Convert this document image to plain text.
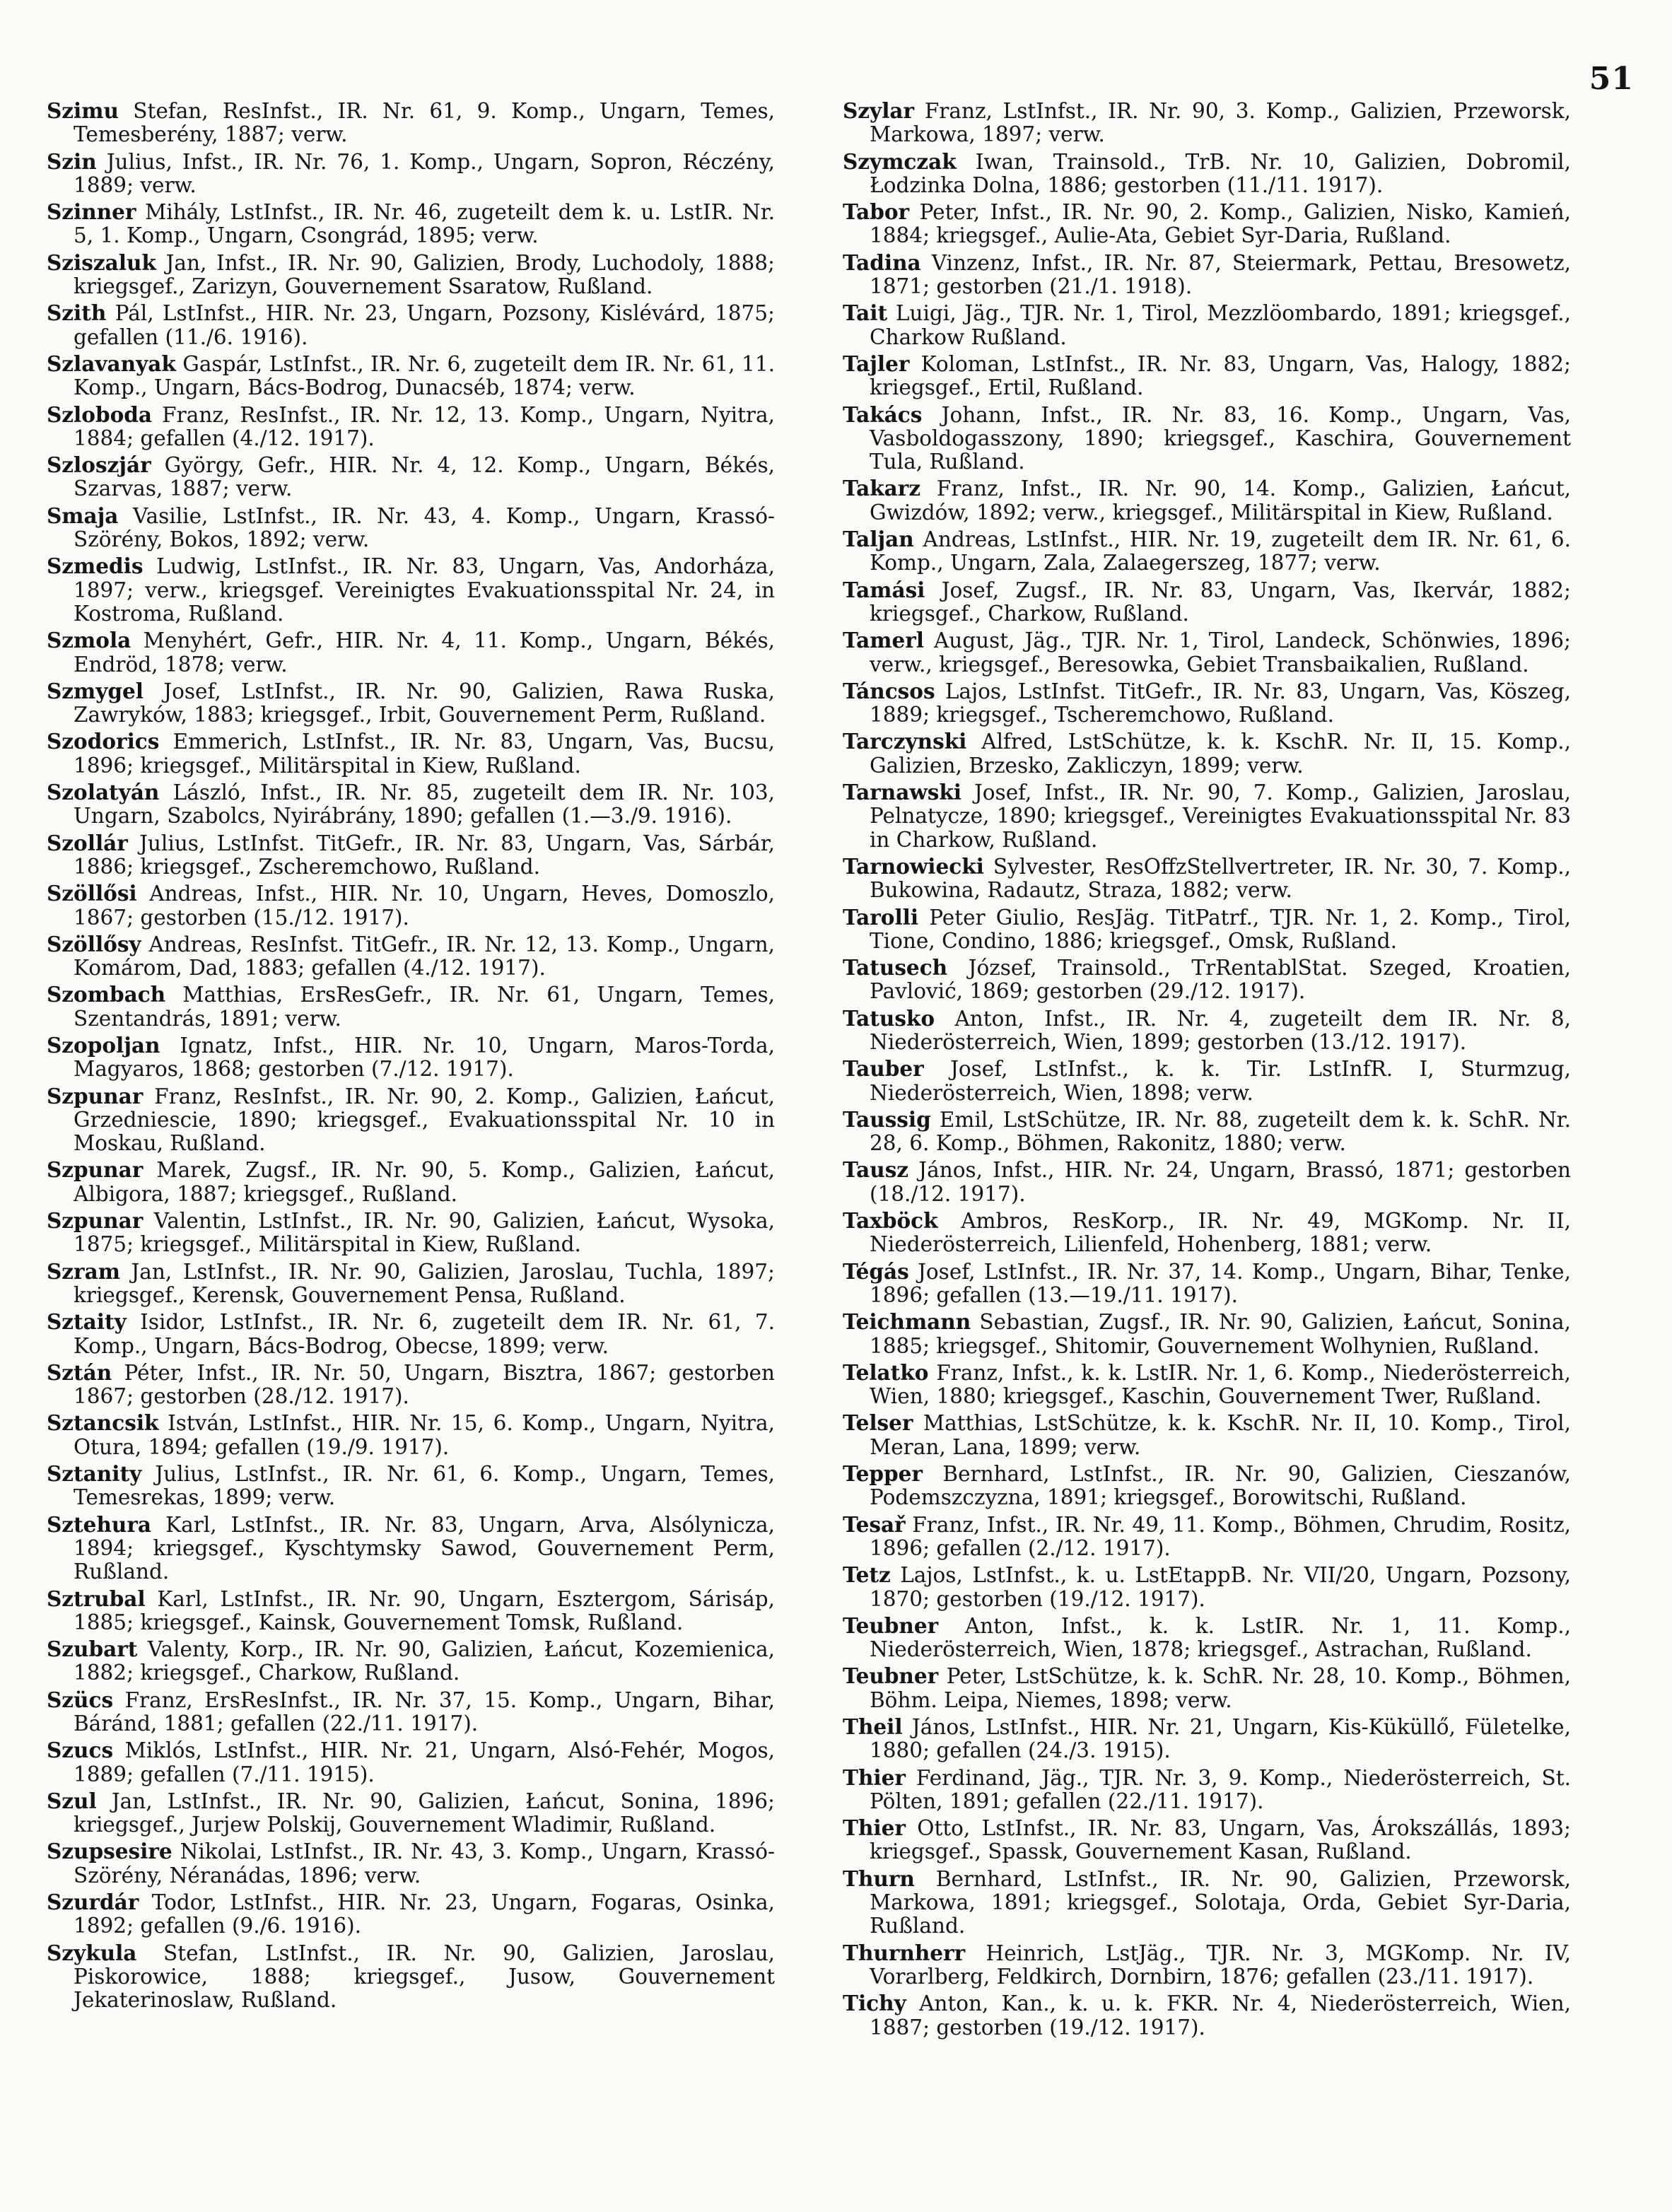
51

Szimu Stefan, ResInfst., IR. Nr. 61, 9. Komp., Ungarn, Temes, Temesberény, 1887; verw.

Szin Julius, Infst., IR. Nr. 76, 1. Komp., Ungarn, Sopron, Réczény, 1889; verw.

Szinner Mihály, LstInfst., IR. Nr. 46, zugeteilt dem k. u. LstIR. Nr. 5, 1. Komp., Ungarn, Csongrád, 1895; verw.

Sziszaluk Jan, Infst., IR. Nr. 90, Galizien, Brody, Luchodoly, 1888; kriegsgef., Zarizyn, Gouvernement Ssaratow, Rußland.

Szith Pál, LstInfst., HIR. Nr. 23, Ungarn, Pozsony, Kislévárd, 1875; gefallen (11./6. 1916).

Szlavanyak Gaspár, LstInfst., IR. Nr. 6, zugeteilt dem IR. Nr. 61, 11. Komp., Ungarn, Bács-Bodrog, Dunacséb, 1874; verw.

Szloboda Franz, ResInfst., IR. Nr. 12, 13. Komp., Ungarn, Nyitra, 1884; gefallen (4./12. 1917).

Szloszjár György, Gefr., HIR. Nr. 4, 12. Komp., Ungarn, Békés, Szarvas, 1887; verw.

Smaja Vasilie, LstInfst., IR. Nr. 43, 4. Komp., Ungarn, Krassó-Szörény, Bokos, 1892; verw.

Szmedis Ludwig, LstInfst., IR. Nr. 83, Ungarn, Vas, Andorháza, 1897; verw., kriegsgef. Vereinigtes Evakuationsspital Nr. 24, in Kostroma, Rußland.

Szmola Menyhért, Gefr., HIR. Nr. 4, 11. Komp., Ungarn, Békés, Endröd, 1878; verw.

Szmygel Josef, LstInfst., IR. Nr. 90, Galizien, Rawa Ruska, Zawryków, 1883; kriegsgef., Irbit, Gouvernement Perm, Rußland.

Szodorics Emmerich, LstInfst., IR. Nr. 83, Ungarn, Vas, Bucsu, 1896; kriegsgef., Militärspital in Kiew, Rußland.

Szolatyán László, Infst., IR. Nr. 85, zugeteilt dem IR. Nr. 103, Ungarn, Szabolcs, Nyirábrány, 1890; gefallen (1.—3./9. 1916).

Szollár Julius, LstInfst. TitGefr., IR. Nr. 83, Ungarn, Vas, Sárbár, 1886; kriegsgef., Zscheremchowo, Rußland.

Szöllősi Andreas, Infst., HIR. Nr. 10, Ungarn, Heves, Domoszlo, 1867; gestorben (15./12. 1917).

Szöllősy Andreas, ResInfst. TitGefr., IR. Nr. 12, 13. Komp., Ungarn, Komárom, Dad, 1883; gefallen (4./12. 1917).

Szombach Matthias, ErsResGefr., IR. Nr. 61, Ungarn, Temes, Szentandrás, 1891; verw.

Szopoljan Ignatz, Infst., HIR. Nr. 10, Ungarn, Maros-Torda, Magyaros, 1868; gestorben (7./12. 1917).

Szpunar Franz, ResInfst., IR. Nr. 90, 2. Komp., Galizien, Łańcut, Grzedniescie, 1890; kriegsgef., Evakuationsspital Nr. 10 in Moskau, Rußland.

Szpunar Marek, Zugsf., IR. Nr. 90, 5. Komp., Galizien, Łańcut, Albigora, 1887; kriegsgef., Rußland.

Szpunar Valentin, LstInfst., IR. Nr. 90, Galizien, Łańcut, Wysoka, 1875; kriegsgef., Militärspital in Kiew, Rußland.

Szram Jan, LstInfst., IR. Nr. 90, Galizien, Jaroslau, Tuchla, 1897; kriegsgef., Kerensk, Gouvernement Pensa, Rußland.

Sztaity Isidor, LstInfst., IR. Nr. 6, zugeteilt dem IR. Nr. 61, 7. Komp., Ungarn, Bács-Bodrog, Obecse, 1899; verw.

Sztán Péter, Infst., IR. Nr. 50, Ungarn, Bisztra, 1867; gestorben 1867; gestorben (28./12. 1917).

Sztancsik István, LstInfst., HIR. Nr. 15, 6. Komp., Ungarn, Nyitra, Otura, 1894; gefallen (19./9. 1917).

Sztanity Julius, LstInfst., IR. Nr. 61, 6. Komp., Ungarn, Temes, Temesrekas, 1899; verw.

Sztehura Karl, LstInfst., IR. Nr. 83, Ungarn, Arva, Alsólynicza, 1894; kriegsgef., Kyschtymsky Sawod, Gouvernement Perm, Rußland.

Sztrubal Karl, LstInfst., IR. Nr. 90, Ungarn, Esztergom, Sárisáp, 1885; kriegsgef., Kainsk, Gouvernement Tomsk, Rußland.

Szubart Valenty, Korp., IR. Nr. 90, Galizien, Łańcut, Kozemienica, 1882; kriegsgef., Charkow, Rußland.

Szücs Franz, ErsResInfst., IR. Nr. 37, 15. Komp., Ungarn, Bihar, Báránd, 1881; gefallen (22./11. 1917).

Szucs Miklós, LstInfst., HIR. Nr. 21, Ungarn, Alsó-Fehér, Mogos, 1889; gefallen (7./11. 1915).

Szul Jan, LstInfst., IR. Nr. 90, Galizien, Łańcut, Sonina, 1896; kriegsgef., Jurjew Polskij, Gouvernement Wladimir, Rußland.

Szupsesire Nikolai, LstInfst., IR. Nr. 43, 3. Komp., Ungarn, Krassó-Szörény, Néranádas, 1896; verw.

Szurdár Todor, LstInfst., HIR. Nr. 23, Ungarn, Fogaras, Osinka, 1892; gefallen (9./6. 1916).

Szykula Stefan, LstInfst., IR. Nr. 90, Galizien, Jaroslau, Piskorowice, 1888; kriegsgef., Jusow, Gouvernement Jekaterinoslaw, Rußland.

Szylar Franz, LstInfst., IR. Nr. 90, 3. Komp., Galizien, Przeworsk, Markowa, 1897; verw.

Szymczak Iwan, Trainsold., TrB. Nr. 10, Galizien, Dobromil, Łodzinka Dolna, 1886; gestorben (11./11. 1917).

Tabor Peter, Infst., IR. Nr. 90, 2. Komp., Galizien, Nisko, Kamień, 1884; kriegsgef., Aulie-Ata, Gebiet Syr-Daria, Rußland.

Tadina Vinzenz, Infst., IR. Nr. 87, Steiermark, Pettau, Bresowetz, 1871; gestorben (21./1. 1918).

Tait Luigi, Jäg., TJR. Nr. 1, Tirol, Mezzlöombardo, 1891; kriegsgef., Charkow Rußland.

Tajler Koloman, LstInfst., IR. Nr. 83, Ungarn, Vas, Halogy, 1882; kriegsgef., Ertil, Rußland.

Takács Johann, Infst., IR. Nr. 83, 16. Komp., Ungarn, Vas, Vasboldogasszony, 1890; kriegsgef., Kaschira, Gouvernement Tula, Rußland.

Takarz Franz, Infst., IR. Nr. 90, 14. Komp., Galizien, Łańcut, Gwizdów, 1892; verw., kriegsgef., Militärspital in Kiew, Rußland.

Taljan Andreas, LstInfst., HIR. Nr. 19, zugeteilt dem IR. Nr. 61, 6. Komp., Ungarn, Zala, Zalaegerszeg, 1877; verw.

Tamási Josef, Zugsf., IR. Nr. 83, Ungarn, Vas, Ikervár, 1882; kriegsgef., Charkow, Rußland.

Tamerl August, Jäg., TJR. Nr. 1, Tirol, Landeck, Schönwies, 1896; verw., kriegsgef., Beresowka, Gebiet Transbaikalien, Rußland.

Táncsos Lajos, LstInfst. TitGefr., IR. Nr. 83, Ungarn, Vas, Köszeg, 1889; kriegsgef., Tscheremchowo, Rußland.

Tarczynski Alfred, LstSchütze, k. k. KschR. Nr. II, 15. Komp., Galizien, Brzesko, Zakliczyn, 1899; verw.

Tarnawski Josef, Infst., IR. Nr. 90, 7. Komp., Galizien, Jaroslau, Pelnatycze, 1890; kriegsgef., Vereinigtes Evakuationsspital Nr. 83 in Charkow, Rußland.

Tarnowiecki Sylvester, ResOffzStellvertreter, IR. Nr. 30, 7. Komp., Bukowina, Radautz, Straza, 1882; verw.

Tarolli Peter Giulio, ResJäg. TitPatrf., TJR. Nr. 1, 2. Komp., Tirol, Tione, Condino, 1886; kriegsgef., Omsk, Rußland.

Tatusech József, Trainsold., TrRentablStat. Szeged, Kroatien, Pavlović, 1869; gestorben (29./12. 1917).

Tatusko Anton, Infst., IR. Nr. 4, zugeteilt dem IR. Nr. 8, Niederösterreich, Wien, 1899; gestorben (13./12. 1917).

Tauber Josef, LstInfst., k. k. Tir. LstInfR. I, Sturmzug, Niederösterreich, Wien, 1898; verw.

Taussig Emil, LstSchütze, IR. Nr. 88, zugeteilt dem k. k. SchR. Nr. 28, 6. Komp., Böhmen, Rakonitz, 1880; verw.

Tausz János, Infst., HIR. Nr. 24, Ungarn, Brassó, 1871; gestorben (18./12. 1917).

Taxböck Ambros, ResKorp., IR. Nr. 49, MGKomp. Nr. II, Niederösterreich, Lilienfeld, Hohenberg, 1881; verw.

Tégás Josef, LstInfst., IR. Nr. 37, 14. Komp., Ungarn, Bihar, Tenke, 1896; gefallen (13.—19./11. 1917).

Teichmann Sebastian, Zugsf., IR. Nr. 90, Galizien, Łańcut, Sonina, 1885; kriegsgef., Shitomir, Gouvernement Wolhynien, Rußland.

Telatko Franz, Infst., k. k. LstIR. Nr. 1, 6. Komp., Niederösterreich, Wien, 1880; kriegsgef., Kaschin, Gouvernement Twer, Rußland.

Telser Matthias, LstSchütze, k. k. KschR. Nr. II, 10. Komp., Tirol, Meran, Lana, 1899; verw.

Tepper Bernhard, LstInfst., IR. Nr. 90, Galizien, Cieszanów, Podemszczyzna, 1891; kriegsgef., Borowitschi, Rußland.

Tesař Franz, Infst., IR. Nr. 49, 11. Komp., Böhmen, Chrudim, Rositz, 1896; gefallen (2./12. 1917).

Tetz Lajos, LstInfst., k. u. LstEtappB. Nr. VII/20, Ungarn, Pozsony, 1870; gestorben (19./12. 1917).

Teubner Anton, Infst., k. k. LstIR. Nr. 1, 11. Komp., Niederösterreich, Wien, 1878; kriegsgef., Astrachan, Rußland.

Teubner Peter, LstSchütze, k. k. SchR. Nr. 28, 10. Komp., Böhmen, Böhm. Leipa, Niemes, 1898; verw.

Theil János, LstInfst., HIR. Nr. 21, Ungarn, Kis-Küküllő, Fületelke, 1880; gefallen (24./3. 1915).

Thier Ferdinand, Jäg., TJR. Nr. 3, 9. Komp., Niederösterreich, St. Pölten, 1891; gefallen (22./11. 1917).

Thier Otto, LstInfst., IR. Nr. 83, Ungarn, Vas, Árokszállás, 1893; kriegsgef., Spassk, Gouvernement Kasan, Rußland.

Thurn Bernhard, LstInfst., IR. Nr. 90, Galizien, Przeworsk, Markowa, 1891; kriegsgef., Solotaja, Orda, Gebiet Syr-Daria, Rußland.

Thurnherr Heinrich, LstJäg., TJR. Nr. 3, MGKomp. Nr. IV, Vorarlberg, Feldkirch, Dornbirn, 1876; gefallen (23./11. 1917).

Tichy Anton, Kan., k. u. k. FKR. Nr. 4, Niederösterreich, Wien, 1887; gestorben (19./12. 1917).
